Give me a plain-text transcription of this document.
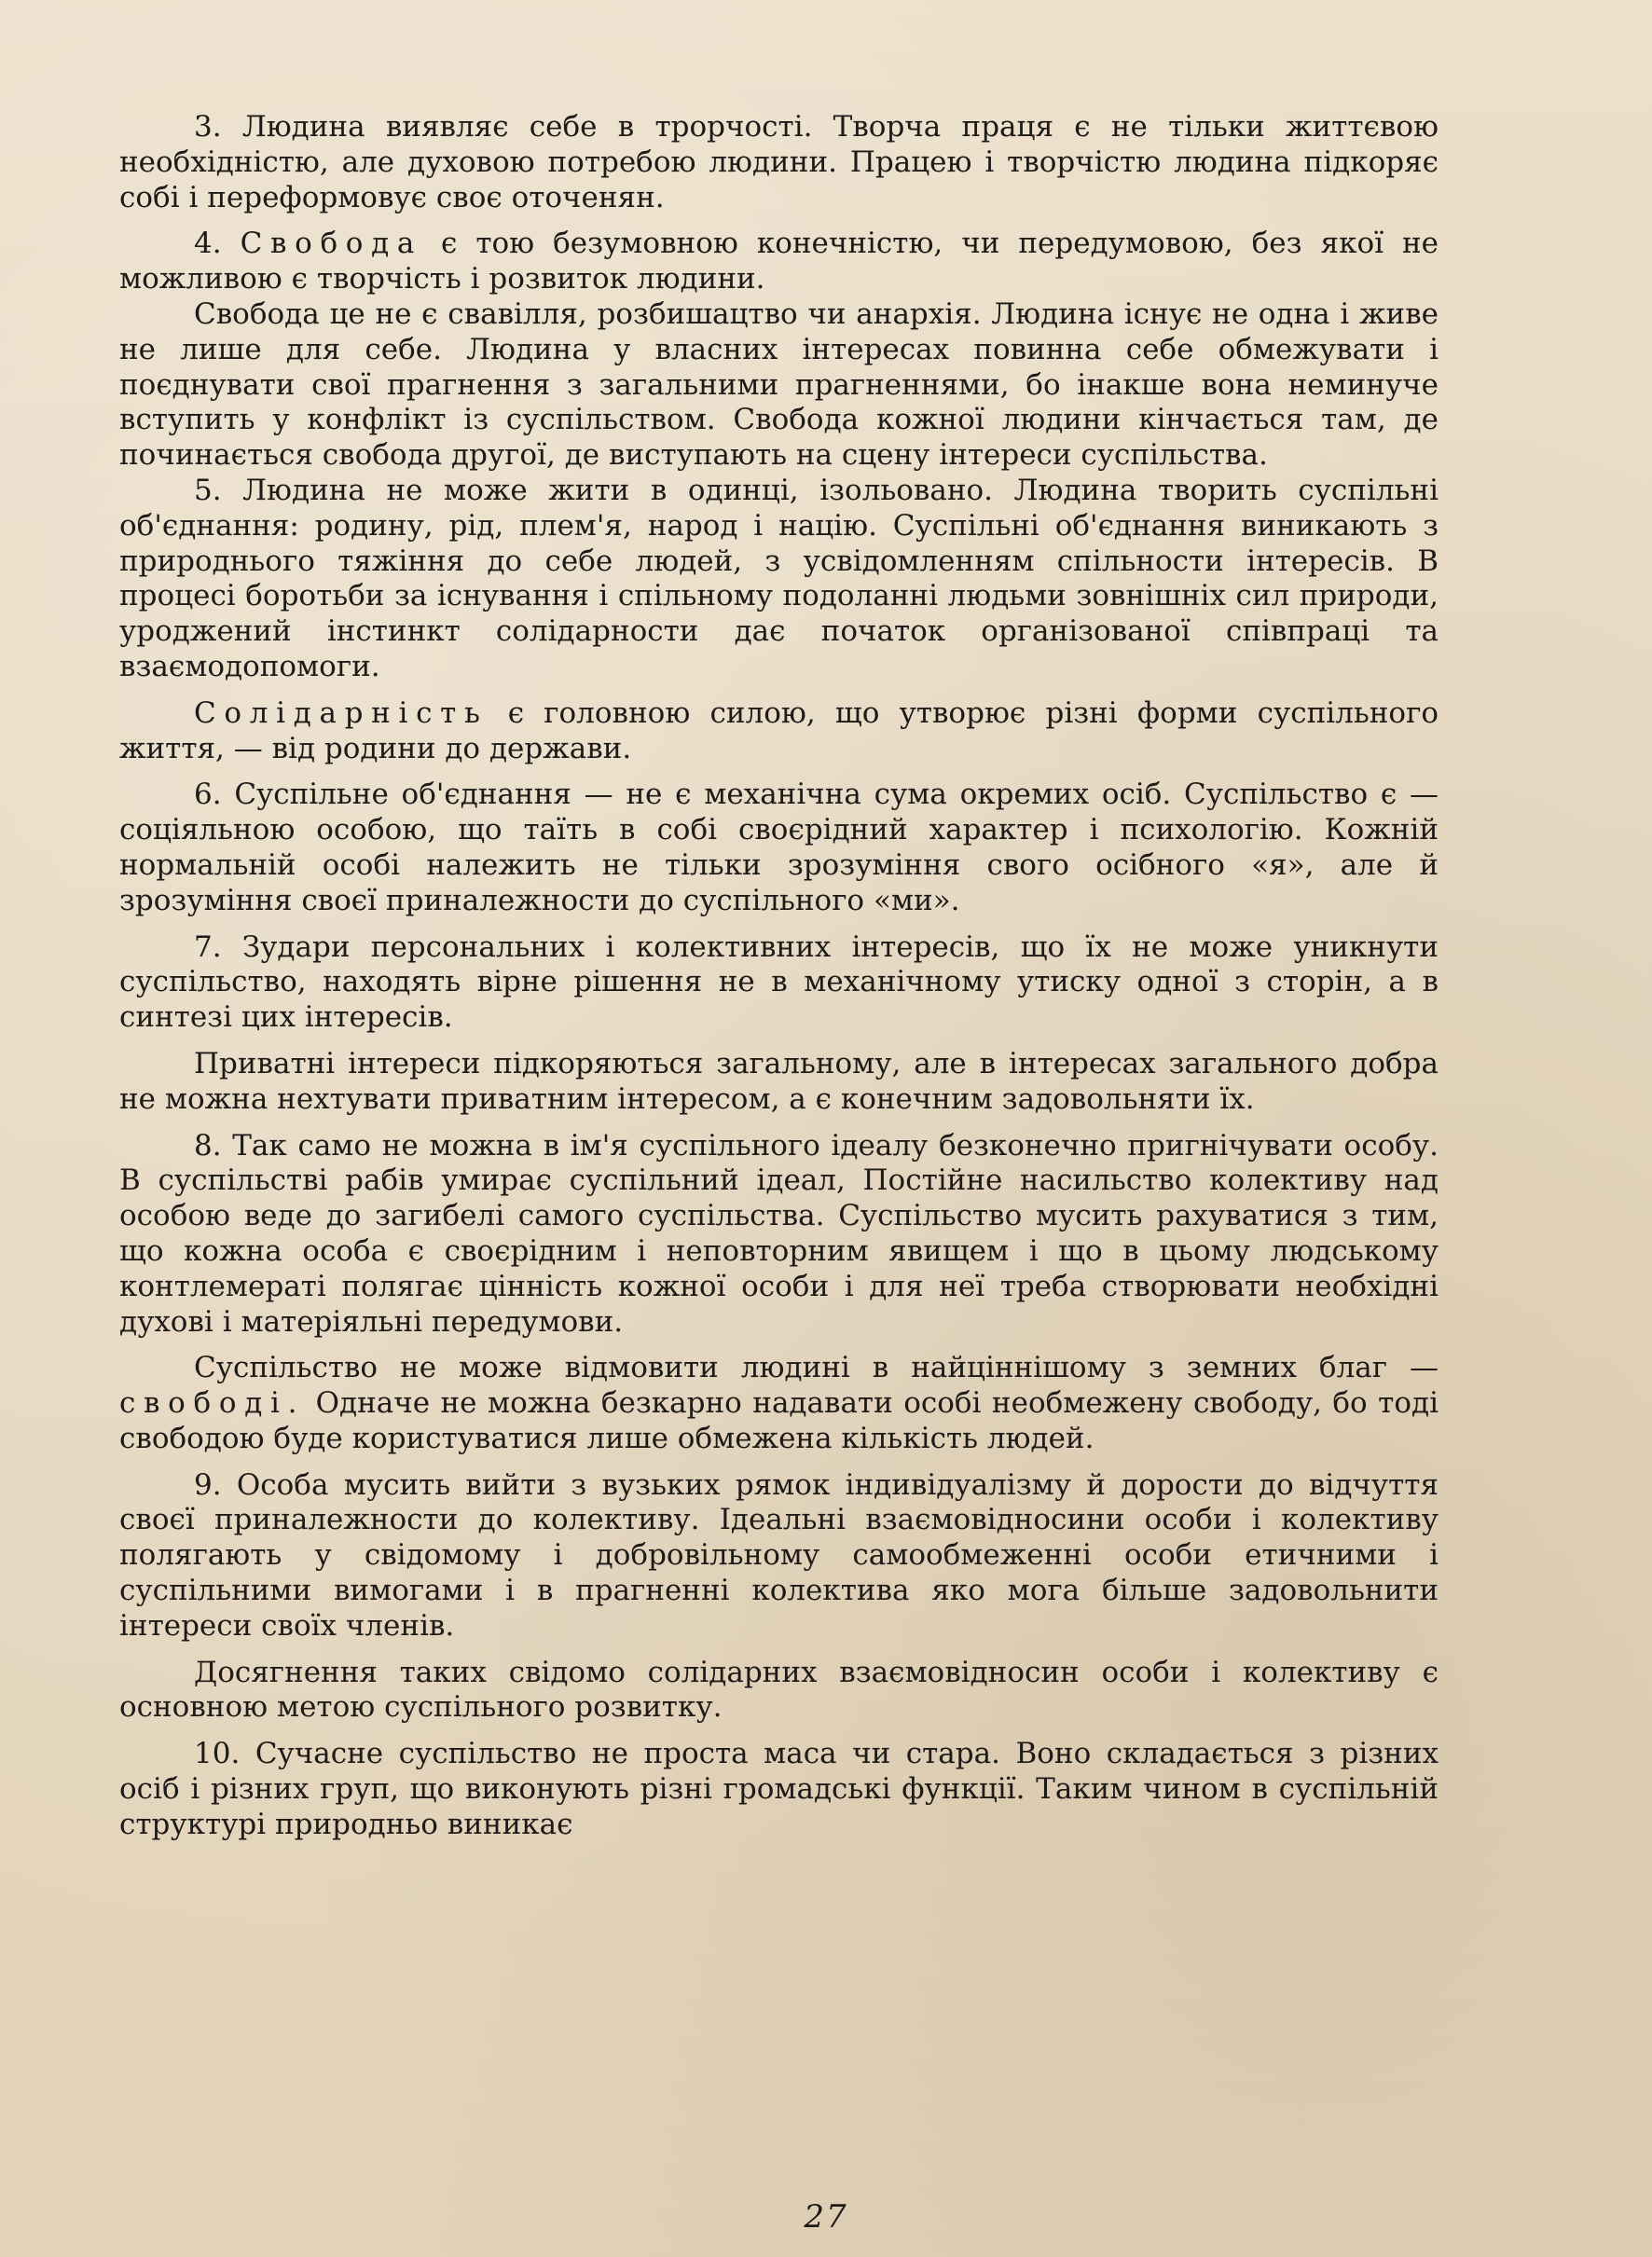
3. Людина виявляє себе в трорчості. Творча праця є не тільки життєвою необхідністю, але духовою потребою людини. Працею і творчістю людина підкоряє собі і переформовує своє оточенян.

4. Свобода є тою безумовною конечністю, чи передумовою, без якої не можливою є творчість і розвиток людини.

Свобода це не є свавілля, розбишацтво чи анархія. Людина існує не одна і живе не лише для себе. Людина у власних інтересах повинна себе обмежувати і поєднувати свої прагнення з загальними прагненнями, бо інакше вона неминуче вступить у конфлікт із суспільством. Свобода кожної людини кінчається там, де починається свобода другої, де виступають на сцену інтереси суспільства.

5. Людина не може жити в одинці, ізольовано. Людина творить суспільні об'єднання: родину, рід, плем'я, народ і націю. Суспільні об'єднання виникають з природнього тяжіння до себе людей, з усвідомленням спільности інтересів. В процесі боротьби за існування і спільному подоланні людьми зовнішніх сил природи, уроджений інстинкт солідарности дає початок організованої співпраці та взаємодопомоги.

Солідарність є головною силою, що утворює різні форми суспільного життя, — від родини до держави.

6. Суспільне об'єднання — не є механічна сума окремих осіб. Суспільство є — соціяльною особою, що таїть в собі своєрідний характер і психологію. Кожній нормальній особі належить не тільки зрозуміння свого осібного «я», але й зрозуміння своєї приналежности до суспільного «ми».

7. Зудари персональних і колективних інтересів, що їх не може уникнути суспільство, находять вірне рішення не в механічному утиску одної з сторін, а в синтезі цих інтересів.

Приватні інтереси підкоряються загальному, але в інтересах загального добра не можна нехтувати приватним інтересом, а є конечним задовольняти їх.

8. Так само не можна в ім'я суспільного ідеалу безконечно пригнічувати особу. В суспільстві рабів умирає суспільний ідеал, Постійне насильство колективу над особою веде до загибелі самого суспільства. Суспільство мусить рахуватися з тим, що кожна особа є своєрідним і неповторним явищем і що в цьому людському контлемераті полягає цінність кожної особи і для неї треба створювати необхідні духові і матеріяльні передумови.

Суспільство не може відмовити людині в найціннішому з земних благ — свободі. Одначе не можна безкарно надавати особі необмежену свободу, бо тоді свободою буде користуватися лише обмежена кількість людей.

9. Особа мусить вийти з вузьких рямок індивідуалізму й дорости до відчуття своєї приналежности до колективу. Ідеальні взаємовідносини особи і колективу полягають у свідомому і добровільному самообмеженні особи етичними і суспільними вимогами і в прагненні колектива яко мога більше задовольнити інтереси своїх членів.

Досягнення таких свідомо солідарних взаємовідносин особи і колективу є основною метою суспільного розвитку.

10. Сучасне суспільство не проста маса чи стара. Воно складається з різних осіб і різних груп, що виконують різні громадські функції. Таким чином в суспільній структурі природньо виникає

27
